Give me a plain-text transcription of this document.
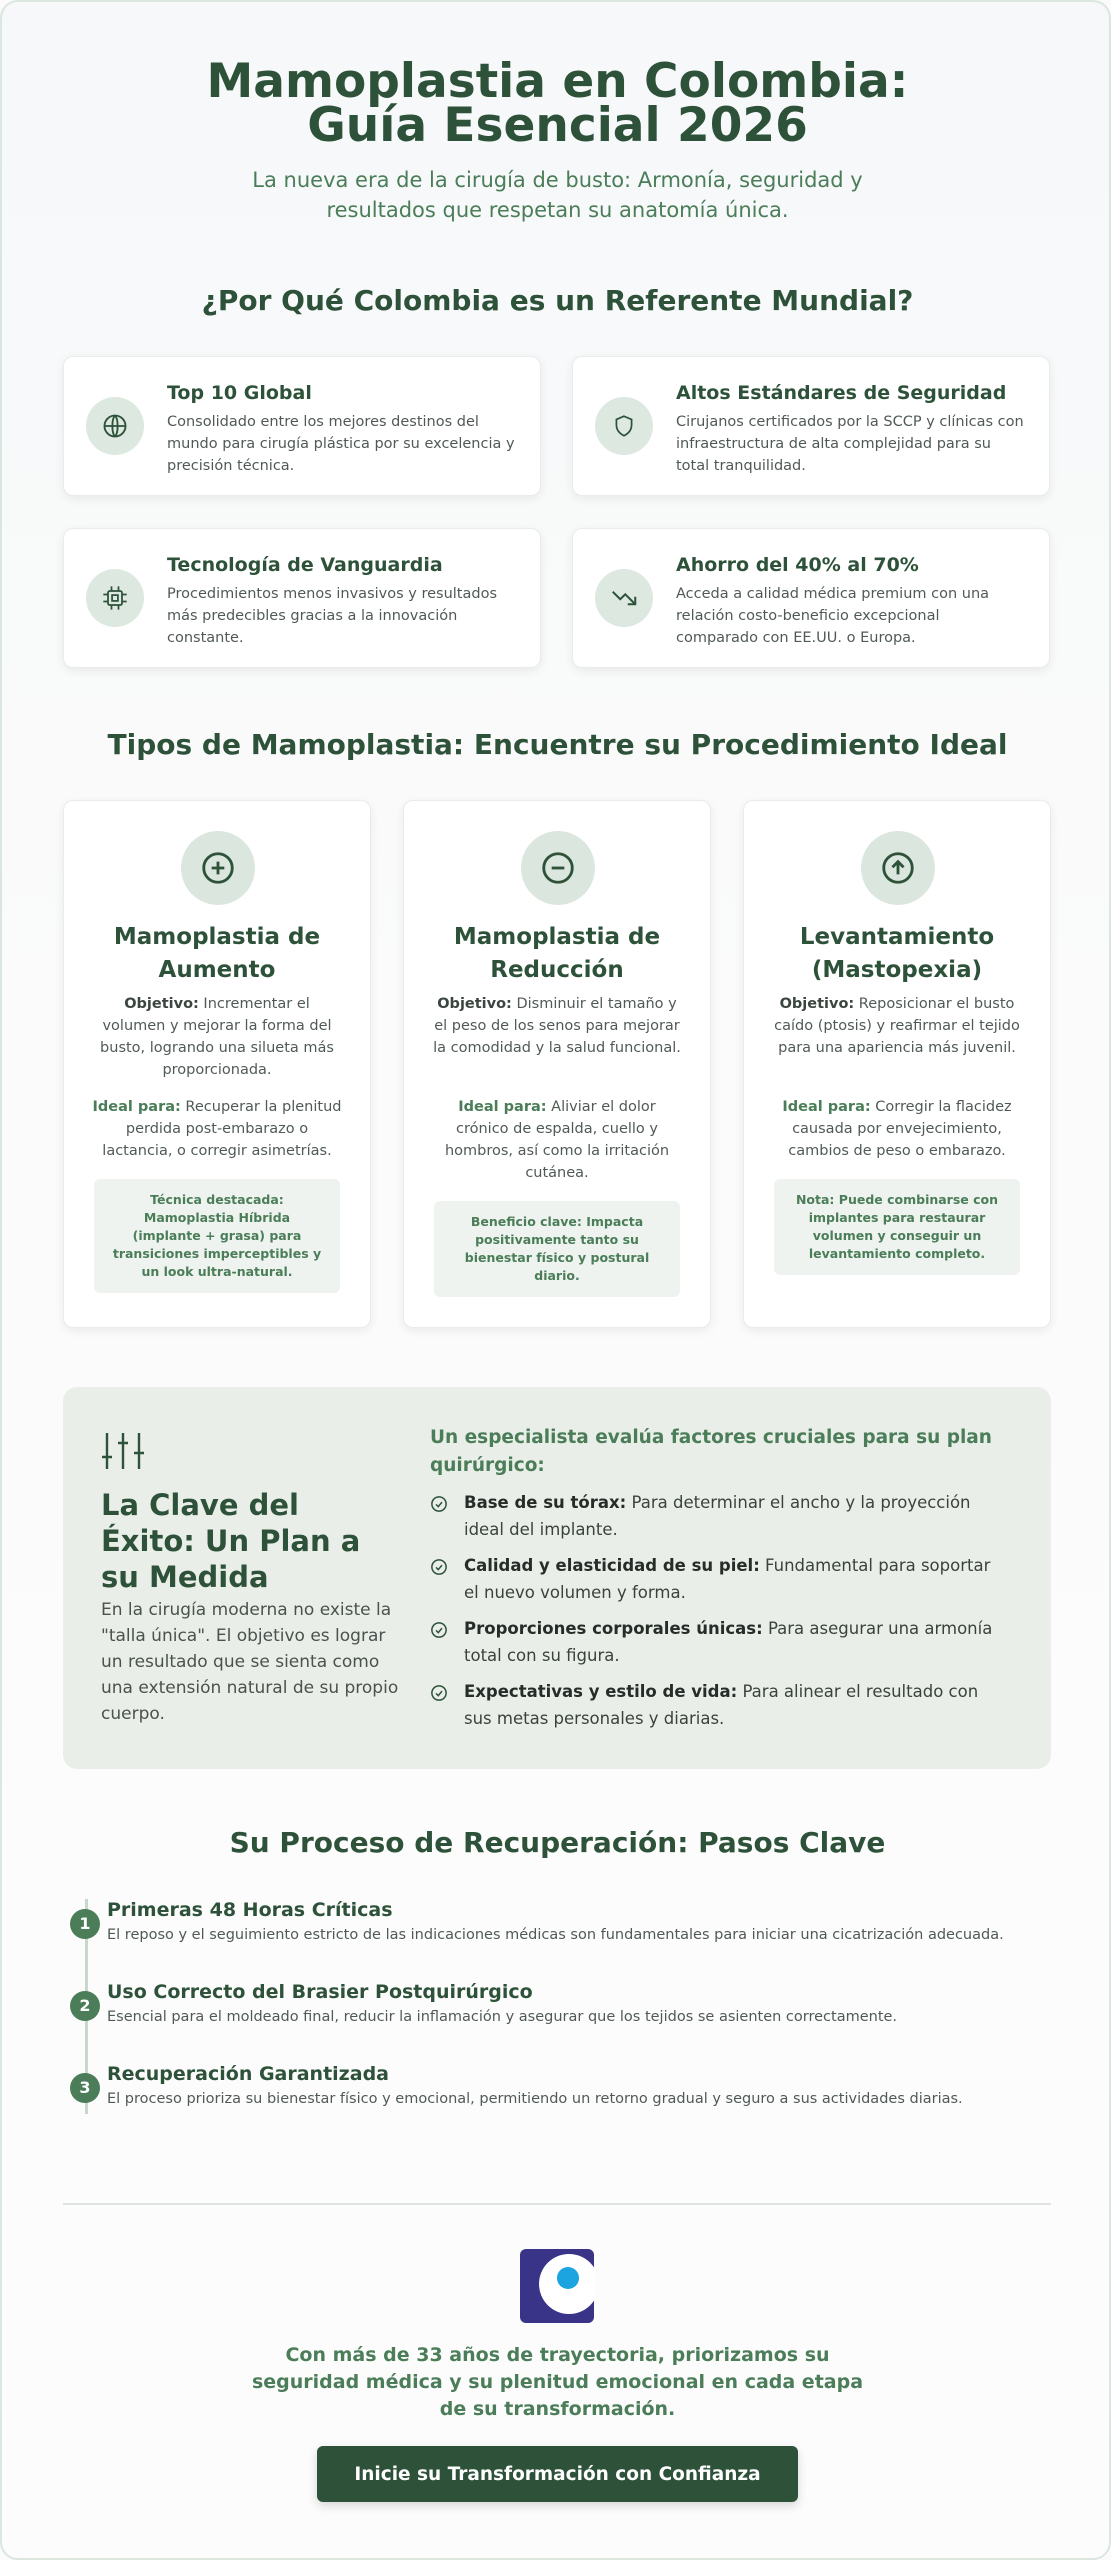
Mamoplastia en Colombia: Guía Esencial 2026

La nueva era de la cirugía de busto: Armonía, seguridad y resultados que respetan su anatomía única.

¿Por Qué Colombia es un Referente Mundial?
Top 10 Global
Consolidado entre los mejores destinos del mundo para cirugía plástica por su excelencia y precisión técnica.
Altos Estándares de Seguridad
Cirujanos certificados por la SCCP y clínicas con infraestructura de alta complejidad para su total tranquilidad.
Tecnología de Vanguardia
Procedimientos menos invasivos y resultados más predecibles gracias a la innovación constante.
Ahorro del 40% al 70%
Acceda a calidad médica premium con una relación costo-beneficio excepcional comparado con EE.UU. o Europa.
Tipos de Mamoplastia: Encuentre su Procedimiento Ideal
Mamoplastia de Aumento
Objetivo: Incrementar el volumen y mejorar la forma del busto, logrando una silueta más proporcionada.
Ideal para: Recuperar la plenitud perdida post-embarazo o lactancia, o corregir asimetrías.
Técnica destacada: Mamoplastia Híbrida (implante + grasa) para transiciones imperceptibles y un look ultra-natural.
Mamoplastia de Reducción
Objetivo: Disminuir el tamaño y el peso de los senos para mejorar la comodidad y la salud funcional.
Ideal para: Aliviar el dolor crónico de espalda, cuello y hombros, así como la irritación cutánea.
Beneficio clave: Impacta positivamente tanto su bienestar físico y postural diario.
Levantamiento (Mastopexia)
Objetivo: Reposicionar el busto caído (ptosis) y reafirmar el tejido para una apariencia más juvenil.
Ideal para: Corregir la flacidez causada por envejecimiento, cambios de peso o embarazo.
Nota: Puede combinarse con implantes para restaurar volumen y conseguir un levantamiento completo.
La Clave del Éxito: Un Plan a su Medida
En la cirugía moderna no existe la "talla única". El objetivo es lograr un resultado que se sienta como una extensión natural de su propio cuerpo.
Un especialista evalúa factores cruciales para su plan quirúrgico:
Base de su tórax: Para determinar el ancho y la proyección ideal del implante.
Calidad y elasticidad de su piel: Fundamental para soportar el nuevo volumen y forma.
Proporciones corporales únicas: Para asegurar una armonía total con su figura.
Expectativas y estilo de vida: Para alinear el resultado con sus metas personales y diarias.
Su Proceso de Recuperación: Pasos Clave
1
Primeras 48 Horas Críticas
El reposo y el seguimiento estricto de las indicaciones médicas son fundamentales para iniciar una cicatrización adecuada.
2
Uso Correcto del Brasier Postquirúrgico
Esencial para el moldeado final, reducir la inflamación y asegurar que los tejidos se asienten correctamente.
3
Recuperación Garantizada
El proceso prioriza su bienestar físico y emocional, permitiendo un retorno gradual y seguro a sus actividades diarias.

Con más de 33 años de trayectoria, priorizamos su seguridad médica y su plenitud emocional en cada etapa de su transformación.

Inicie su Transformación con Confianza
